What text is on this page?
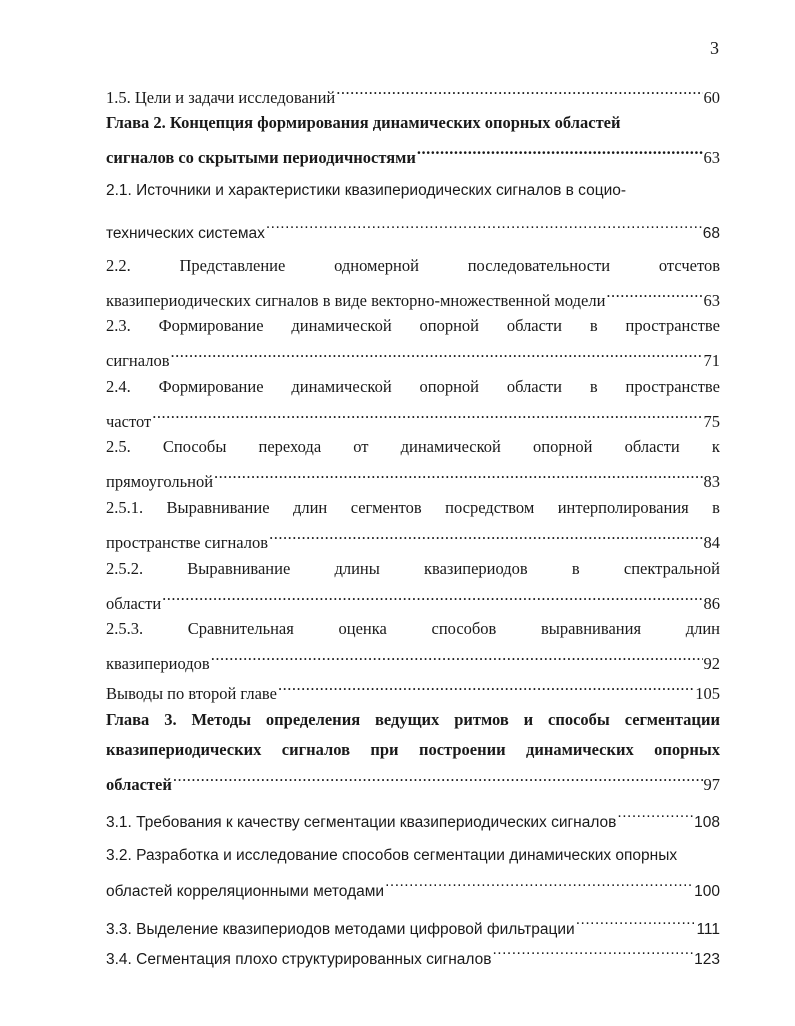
3
1.5. Цели и задачи исследований .....	60
Глава 2. Концепция формирования динамических опорных областей
сигналов со скрытыми периодичностями .....	63
2.1. Источники и характеристики квазипериодических сигналов в социо-
технических системах .....	68
2.2.	Представление	одномерной	последовательности	отсчетов
квазипериодических сигналов в виде векторно-множественной модели .....	63
2.3. Формирование динамической опорной области в пространстве
сигналов .....	71
2.4. Формирование динамической опорной области в пространстве
частот .....	75
2.5. Способы перехода от динамической опорной области к
прямоугольной .....	83
2.5.1. Выравнивание длин сегментов посредством интерполирования в
пространстве сигналов .....	84
2.5.2.	Выравнивание	длины	квазипериодов	в	спектральной
области .....	86
2.5.3.	Сравнительная	оценка	способов	выравнивания	длин
квазипериодов .....	92
Выводы по второй главе .....	105
Глава 3. Методы определения ведущих ритмов и способы сегментации
квазипериодических сигналов при построении динамических опорных
областей .....	97
3.1. Требования к качеству сегментации квазипериодических сигналов .....	108
3.2. Разработка и исследование способов сегментации динамических опорных
областей корреляционными методами .....	100
3.3. Выделение квазипериодов методами цифровой фильтрации .....	111
3.4. Сегментация плохо структурированных сигналов .....	123
